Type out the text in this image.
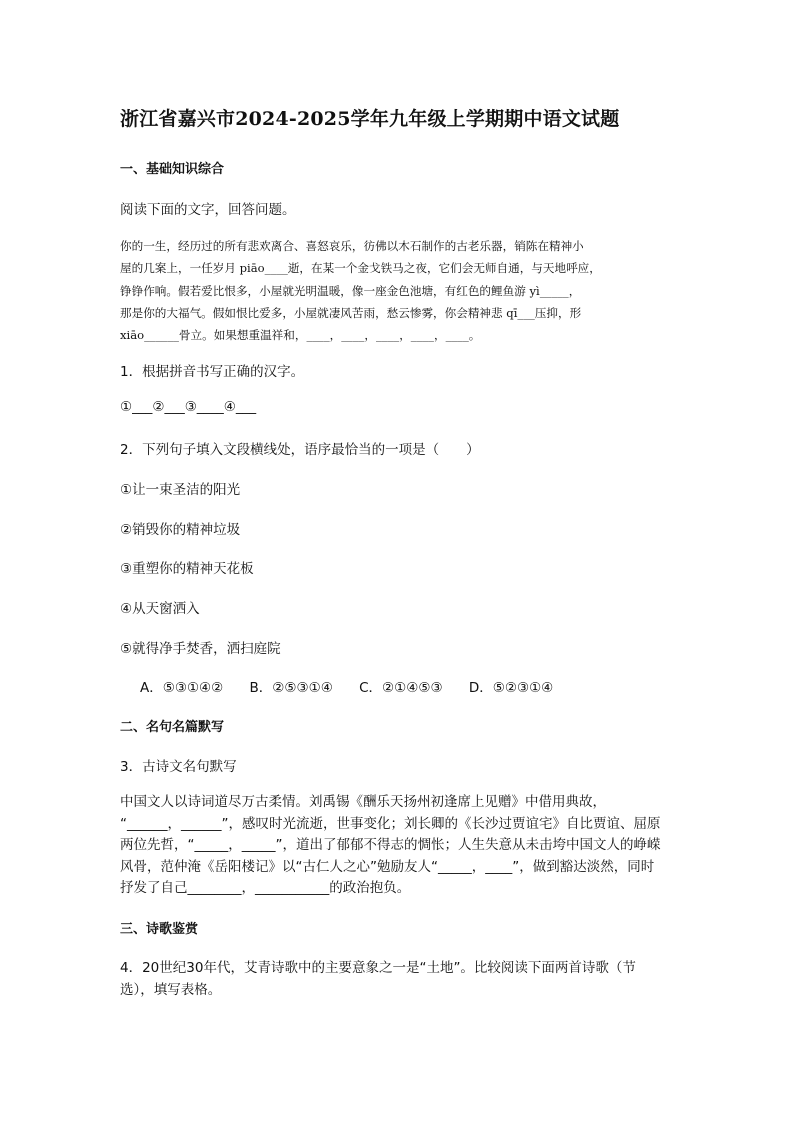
浙江省嘉兴市2024-2025学年九年级上学期期中语文试题
一、基础知识综合
阅读下面的文字，回答问题。
你的一生，经历过的所有悲欢离合、喜怒哀乐，彷佛以木石制作的古老乐器，销陈在精神小
屋的几案上，一任岁月 piāo____逝，在某一个金戈铁马之夜，它们会无师自通，与天地呼应，
铮铮作响。假若爱比恨多，小屋就光明温暖，像一座金色池塘，有红色的鲤鱼游 yì_____，
那是你的大福气。假如恨比爱多，小屋就凄风苦雨，愁云惨雾，你会精神悲 qī___压抑，形
xiāo______骨立。如果想重温祥和，____，____，____，____，____。
1．根据拼音书写正确的汉字。
①___②___③____④___
2．下列句子填入文段横线处，语序最恰当的一项是（　　）
①让一束圣洁的阳光
②销毁你的精神垃圾
③重塑你的精神天花板
④从天窗洒入
⑤就得净手焚香，洒扫庭院
A．⑤③①④② B．②⑤③①④ C．②①④⑤③ D．⑤②③①④
二、名句名篇默写
3．古诗文名句默写
中国文人以诗词道尽万古柔情。刘禹锡《酬乐天扬州初逢席上见赠》中借用典故，
“______，______”，感叹时光流逝，世事变化；刘长卿的《长沙过贾谊宅》自比贾谊、屈原
两位先哲，“_____，_____”，道出了郁郁不得志的惆怅；人生失意从未击垮中国文人的峥嵘
风骨，范仲淹《岳阳楼记》以“古仁人之心”勉励友人“_____，____”，做到豁达淡然，同时
抒发了自己________，___________的政治抱负。
三、诗歌鉴赏
4．20世纪30年代，艾青诗歌中的主要意象之一是“土地”。比较阅读下面两首诗歌（节
选），填写表格。
